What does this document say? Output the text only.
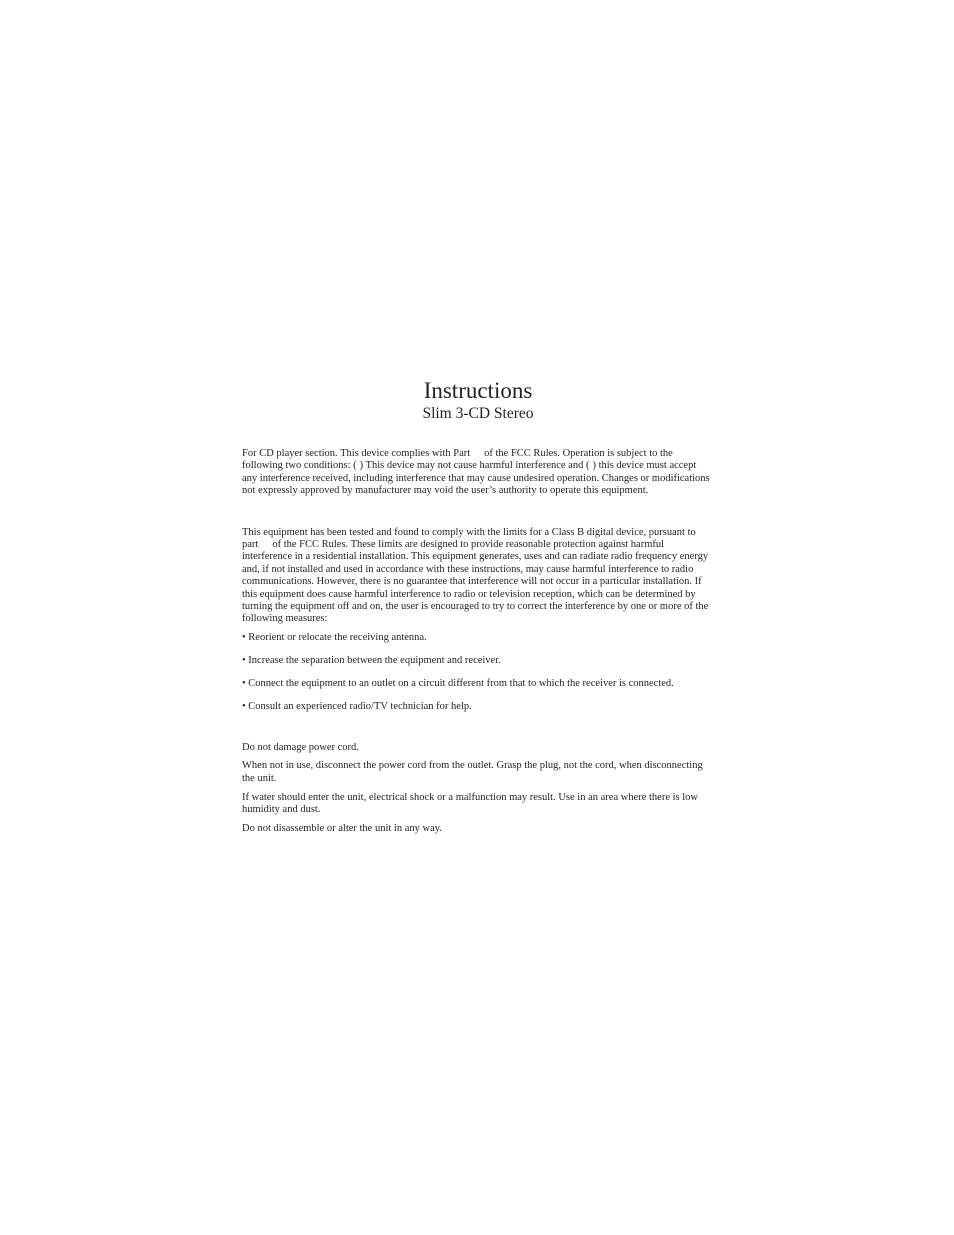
Instructions
Slim 3-CD Stereo

For CD player section. This device complies with Part of the FCC Rules. Operation is subject to the following two conditions: ( ) This device may not cause harmful interference and ( ) this device must accept any interference received, including interference that may cause undesired operation. Changes or modifications not expressly approved by manufacturer may void the user’s authority to operate this equipment.

This equipment has been tested and found to comply with the limits for a Class B digital device, pursuant to part of the FCC Rules. These limits are designed to provide reasonable protection against harmful interference in a residential installation. This equipment generates, uses and can radiate radio frequency energy and, if not installed and used in accordance with these instructions, may cause harmful interference to radio communications. However, there is no guarantee that interference will not occur in a particular installation. If this equipment does cause harmful interference to radio or television reception, which can be determined by turning the equipment off and on, the user is encouraged to try to correct the interference by one or more of the following measures:

• Reorient or relocate the receiving antenna.

• Increase the separation between the equipment and receiver.

• Connect the equipment to an outlet on a circuit different from that to which the receiver is connected.

• Consult an experienced radio/TV technician for help.

Do not damage power cord.

When not in use, disconnect the power cord from the outlet. Grasp the plug, not the cord, when disconnecting the unit.

If water should enter the unit, electrical shock or a malfunction may result. Use in an area where there is low humidity and dust.

Do not disassemble or alter the unit in any way.
